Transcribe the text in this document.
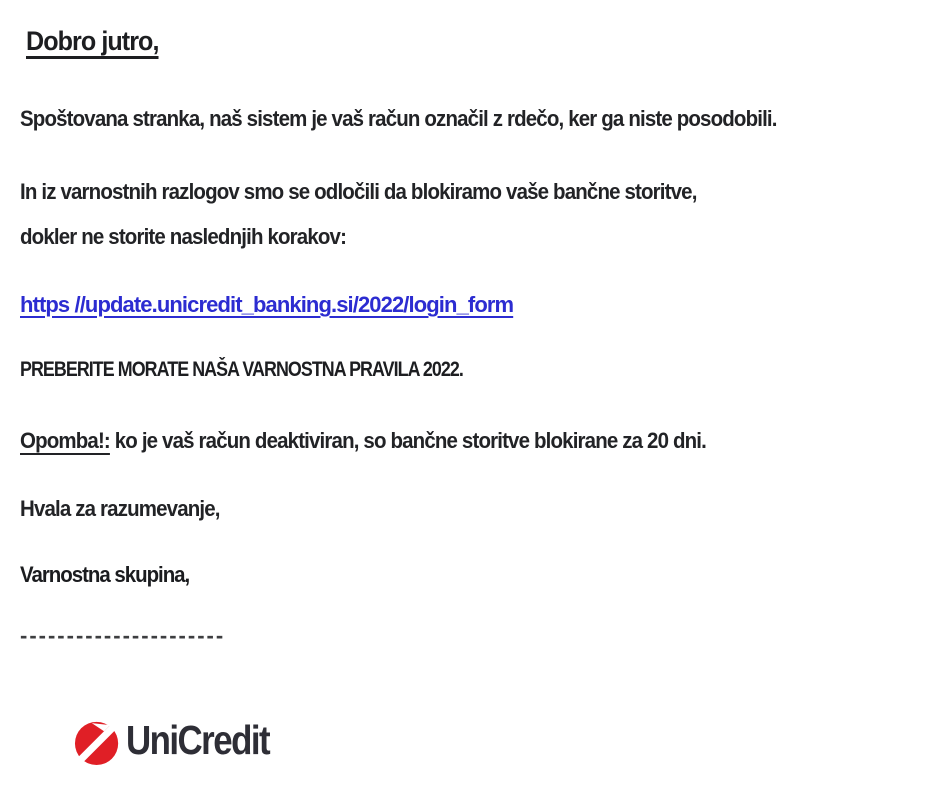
Dobro jutro,

Spoštovana stranka, naš sistem je vaš račun označil z rdečo, ker ga niste posodobili.

In iz varnostnih razlogov smo se odločili da blokiramo vaše bančne storitve,

dokler ne storite naslednjih korakov:

https //update.unicredit_banking.si/2022/login_form

PREBERITE MORATE NAŠA VARNOSTNA PRAVILA 2022.

Opomba!: ko je vaš račun deaktiviran, so bančne storitve blokirane za 20 dni.

Hvala za razumevanje,

Varnostna skupina,

----------------------

UniCredit
